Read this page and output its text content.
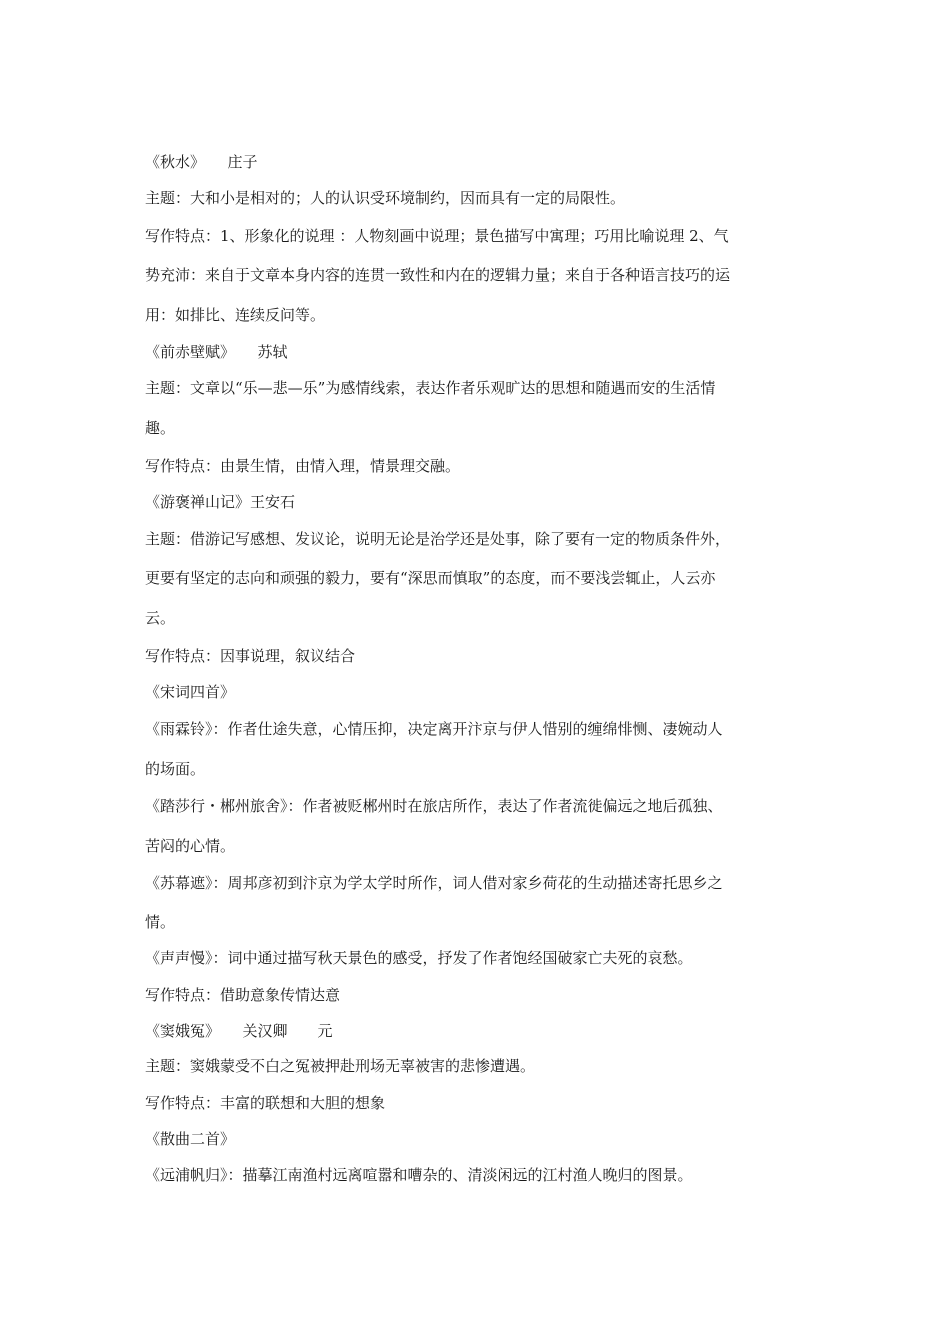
《秋水》　　庄子
主题：大和小是相对的；人的认识受环境制约，因而具有一定的局限性。
写作特点：1、形象化的说理 ：人物刻画中说理；景色描写中寓理；巧用比喻说理 2、气
势充沛：来自于文章本身内容的连贯一致性和内在的逻辑力量；来自于各种语言技巧的运
用：如排比、连续反问等。
《前赤壁赋》　　苏轼
主题：文章以“乐—悲—乐”为感情线索，表达作者乐观旷达的思想和随遇而安的生活情
趣。
写作特点：由景生情，由情入理，情景理交融。
《游褒禅山记》王安石
主题：借游记写感想、发议论，说明无论是治学还是处事，除了要有一定的物质条件外，
更要有坚定的志向和顽强的毅力，要有“深思而慎取”的态度，而不要浅尝辄止，人云亦
云。
写作特点：因事说理，叙议结合
《宋词四首》
《雨霖铃》：作者仕途失意，心情压抑，决定离开汴京与伊人惜别的缠绵悱恻、凄婉动人
的场面。
《踏莎行・郴州旅舍》：作者被贬郴州时在旅店所作，表达了作者流徙偏远之地后孤独、
苦闷的心情。
《苏幕遮》：周邦彦初到汴京为学太学时所作，词人借对家乡荷花的生动描述寄托思乡之
情。
《声声慢》：词中通过描写秋天景色的感受，抒发了作者饱经国破家亡夫死的哀愁。
写作特点：借助意象传情达意
《窦娥冤》　　关汉卿　　元
主题：窦娥蒙受不白之冤被押赴刑场无辜被害的悲惨遭遇。
写作特点：丰富的联想和大胆的想象
《散曲二首》
《远浦帆归》：描摹江南渔村远离喧嚣和嘈杂的、清淡闲远的江村渔人晚归的图景。
